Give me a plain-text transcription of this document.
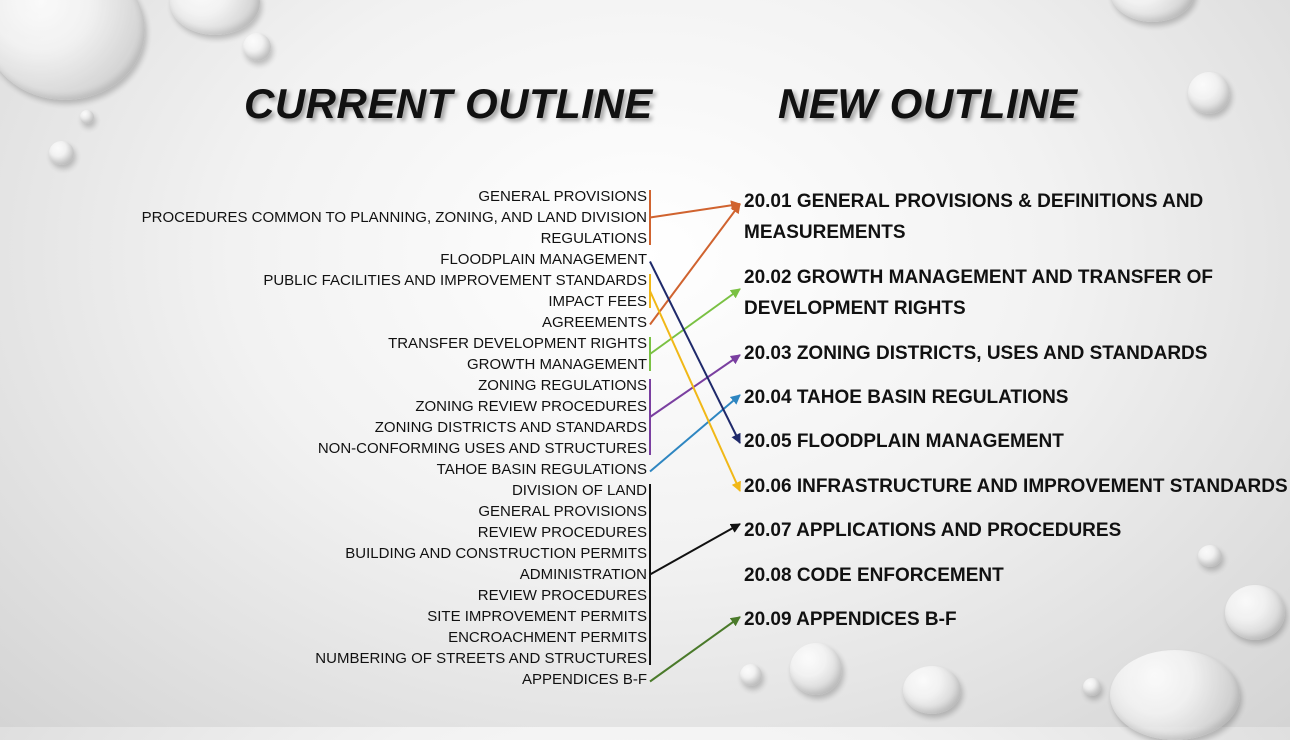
CURRENT OUTLINE	NEW OUTLINE
GENERAL PROVISIONS
PROCEDURES COMMON TO PLANNING, ZONING, AND LAND DIVISION
REGULATIONS
FLOODPLAIN MANAGEMENT
PUBLIC FACILITIES AND IMPROVEMENT STANDARDS
IMPACT FEES
AGREEMENTS
TRANSFER DEVELOPMENT RIGHTS
GROWTH MANAGEMENT
ZONING REGULATIONS
ZONING REVIEW PROCEDURES
ZONING DISTRICTS AND STANDARDS
NON-CONFORMING USES AND STRUCTURES
TAHOE BASIN REGULATIONS
DIVISION OF LAND
GENERAL PROVISIONS
REVIEW PROCEDURES
BUILDING AND CONSTRUCTION PERMITS
ADMINISTRATION
REVIEW PROCEDURES
SITE IMPROVEMENT PERMITS
ENCROACHMENT PERMITS
NUMBERING OF STREETS AND STRUCTURES
APPENDICES B-F
20.01 GENERAL PROVISIONS & DEFINITIONS AND
MEASUREMENTS
20.02 GROWTH MANAGEMENT AND TRANSFER OF
DEVELOPMENT RIGHTS
20.03 ZONING DISTRICTS, USES AND STANDARDS
20.04 TAHOE BASIN REGULATIONS
20.05 FLOODPLAIN MANAGEMENT
20.06 INFRASTRUCTURE AND IMPROVEMENT STANDARDS
20.07 APPLICATIONS AND PROCEDURES
20.08 CODE ENFORCEMENT
20.09 APPENDICES B-F
